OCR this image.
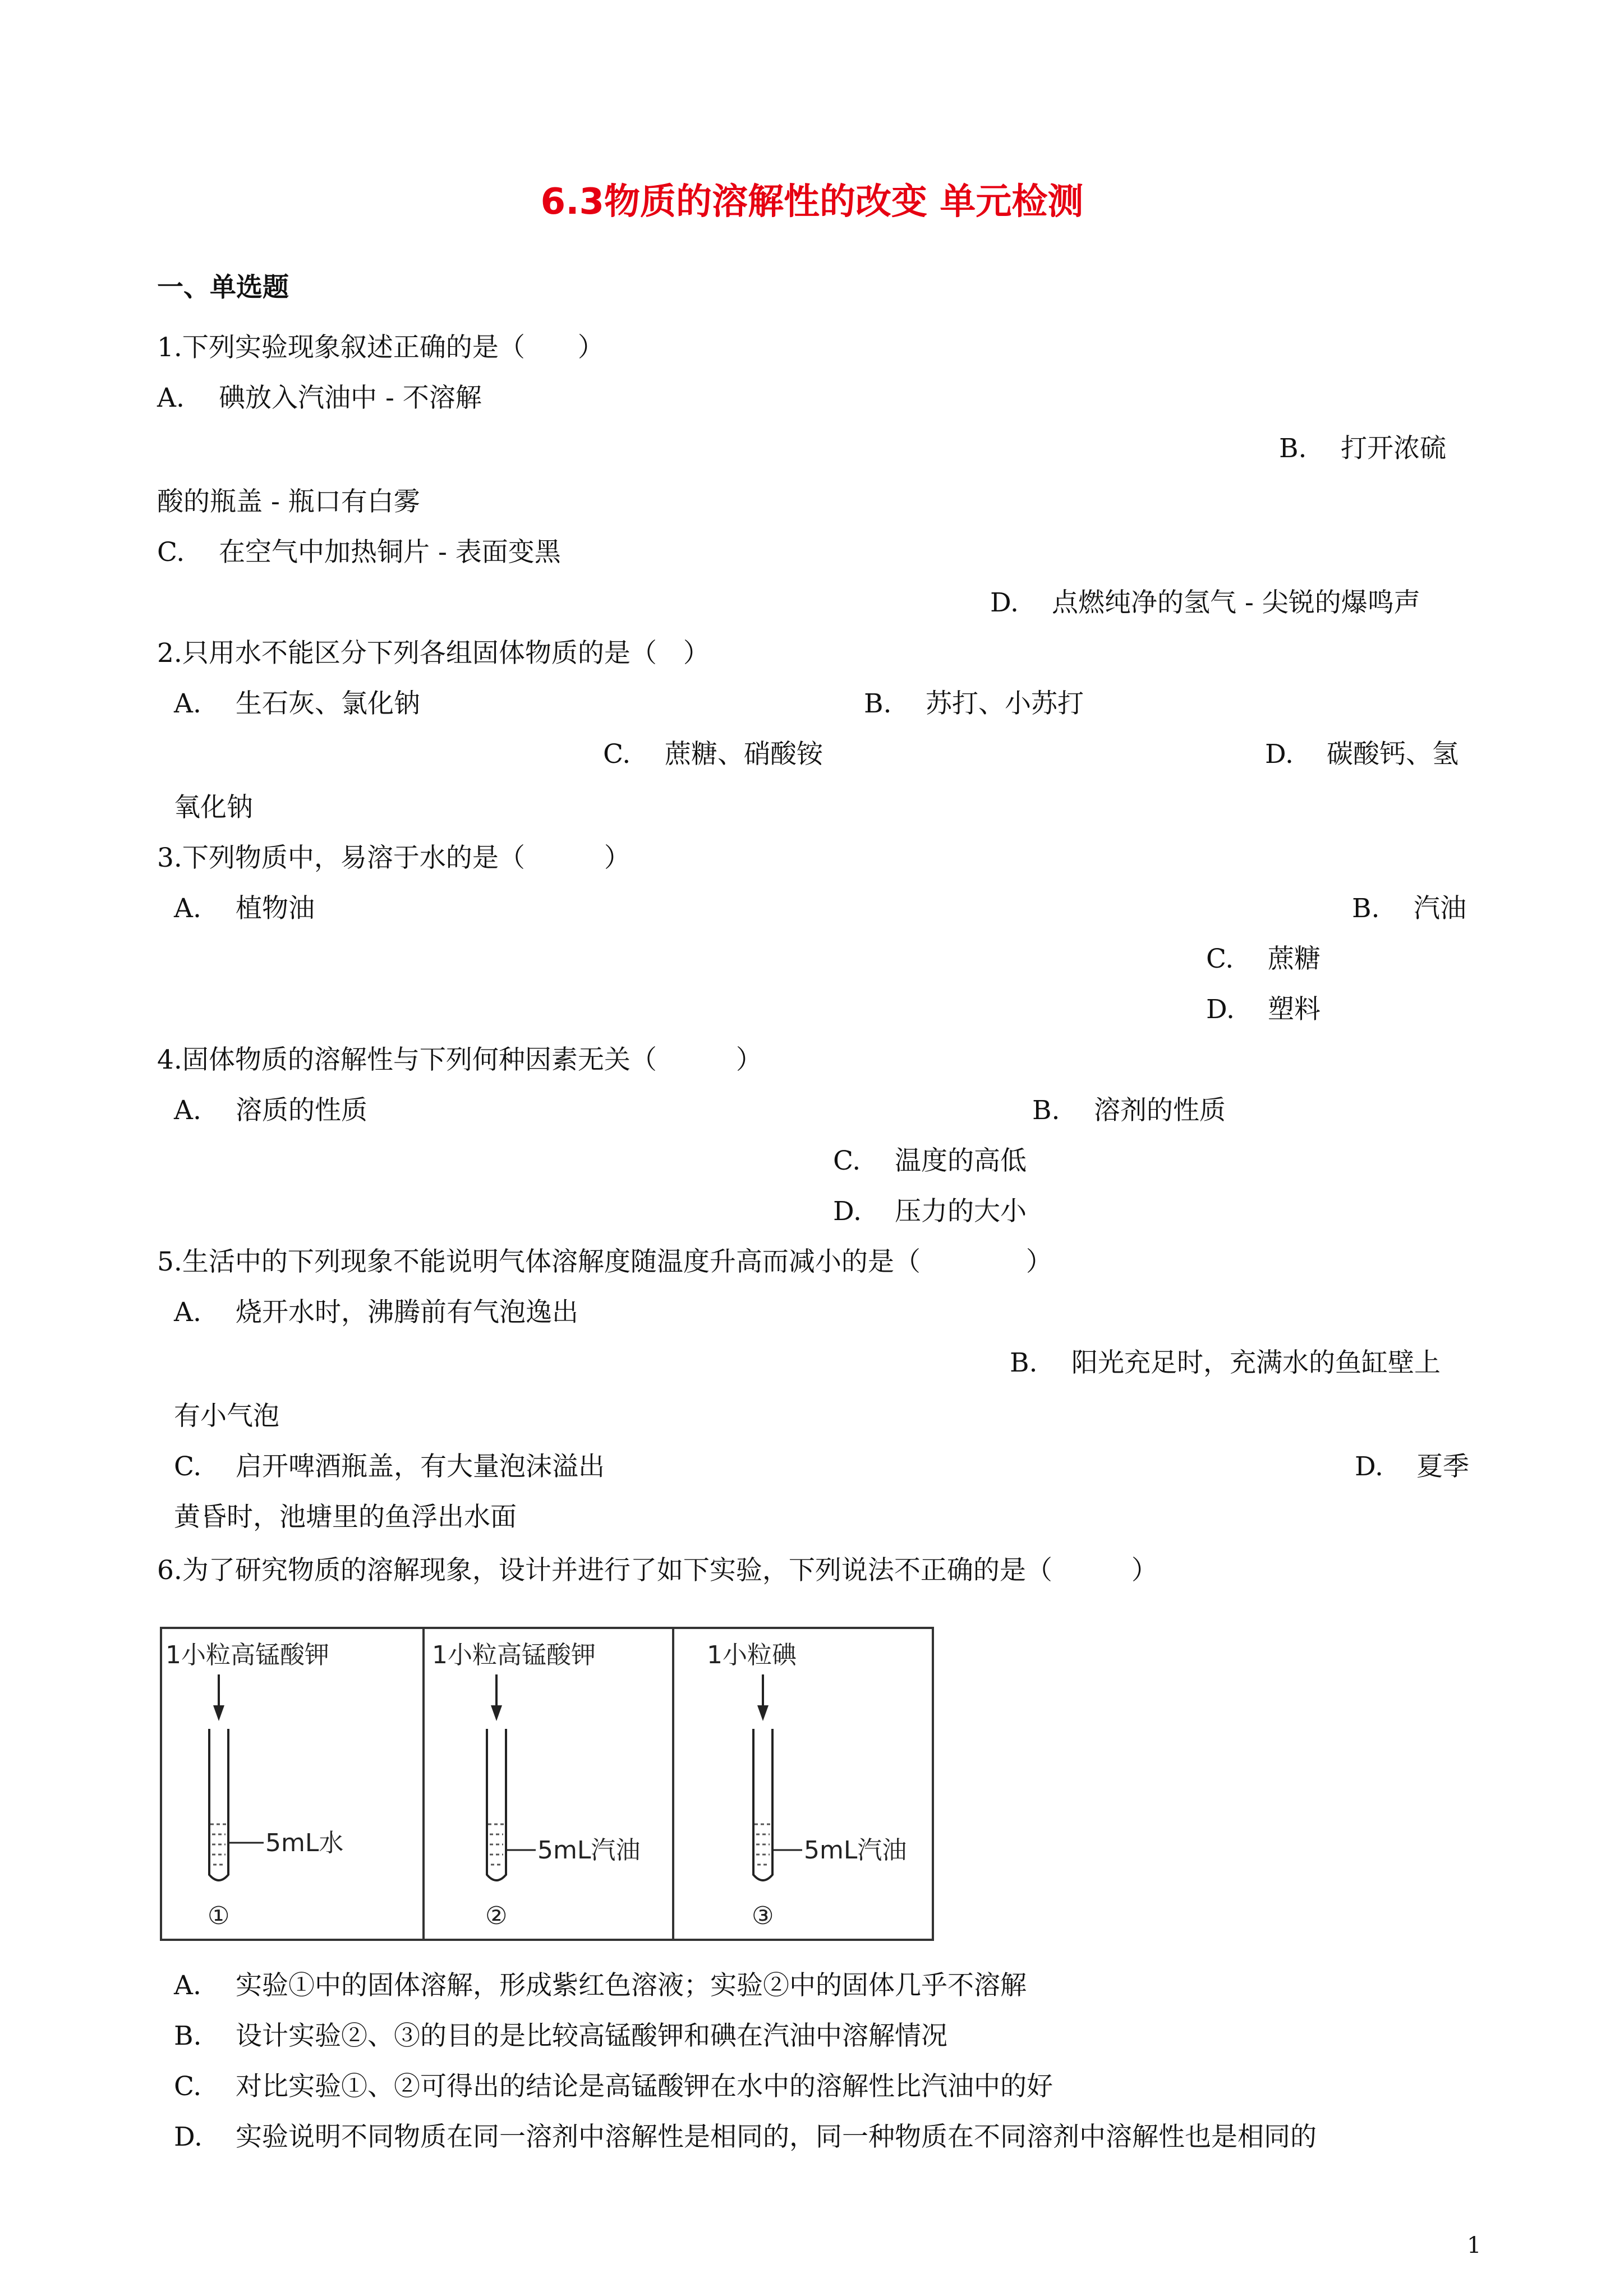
6.3物质的溶解性的改变 单元检测
一、单选题
1.下列实验现象叙述正确的是（　　）
A. 碘放入汽油中 - 不溶解
B. 打开浓硫
酸的瓶盖 - 瓶口有白雾
C. 在空气中加热铜片 - 表面变黑
D. 点燃纯净的氢气 - 尖锐的爆鸣声
2.只用水不能区分下列各组固体物质的是（　）
A. 生石灰、氯化钠	B. 苏打、小苏打
C. 蔗糖、硝酸铵	D. 碳酸钙、氢
氧化钠
3.下列物质中，易溶于水的是（　　　）
A. 植物油	B. 汽油
C. 蔗糖
D. 塑料
4.固体物质的溶解性与下列何种因素无关（　　　）
A. 溶质的性质	B. 溶剂的性质
C. 温度的高低
D. 压力的大小
5.生活中的下列现象不能说明气体溶解度随温度升高而减小的是（　　　　）
A. 烧开水时，沸腾前有气泡逸出
B. 阳光充足时，充满水的鱼缸壁上
有小气泡
C. 启开啤酒瓶盖，有大量泡沫溢出	D. 夏季
黄昏时，池塘里的鱼浮出水面
6.为了研究物质的溶解现象，设计并进行了如下实验，下列说法不正确的是（　　　）
1小粒高锰酸钾
5mL水
①
1小粒高锰酸钾
5mL汽油
②
1小粒碘
5mL汽油
③
A. 实验①中的固体溶解，形成紫红色溶液；实验②中的固体几乎不溶解
B. 设计实验②、③的目的是比较高锰酸钾和碘在汽油中溶解情况
C. 对比实验①、②可得出的结论是高锰酸钾在水中的溶解性比汽油中的好
D. 实验说明不同物质在同一溶剂中溶解性是相同的，同一种物质在不同溶剂中溶解性也是相同的
1
